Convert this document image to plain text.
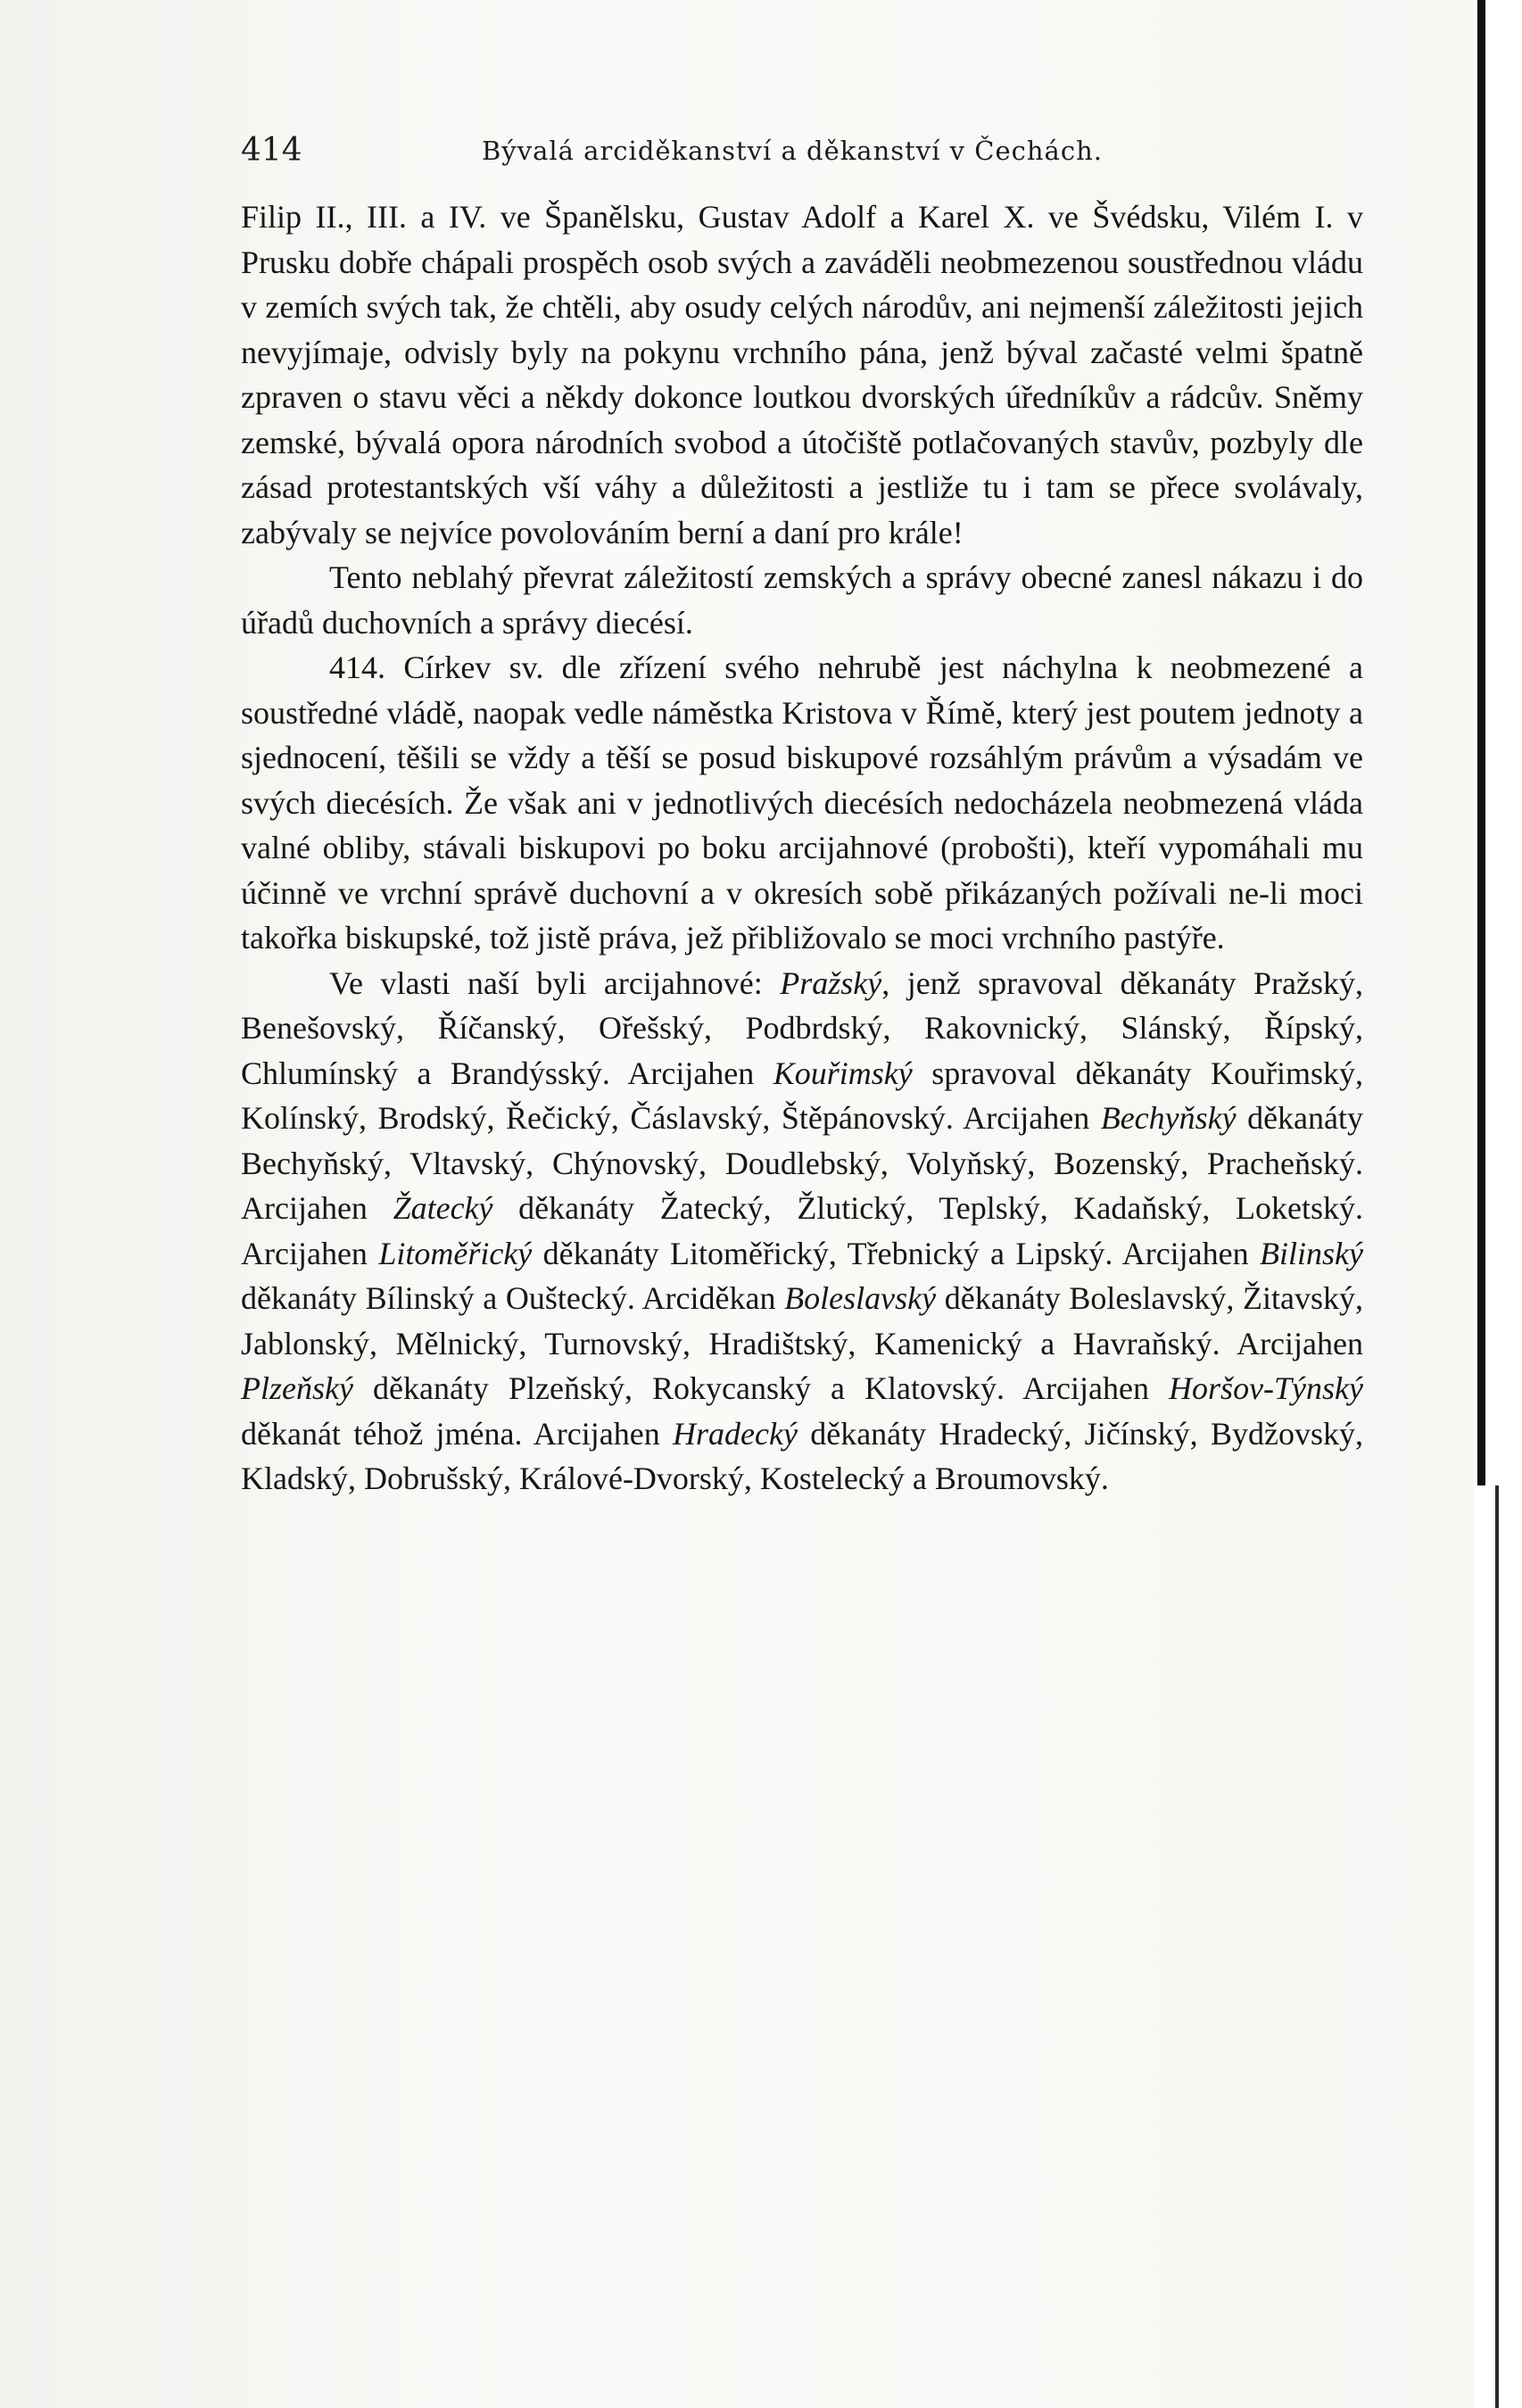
414	Bývalá arciděkanství a děkanství v Čechách.

Filip II., III. a IV. ve Španělsku, Gustav Adolf a Karel X. ve Švédsku, Vilém I. v Prusku dobře chápali prospěch osob svých a zaváděli neobmezenou soustřednou vládu v zemích svých tak, že chtěli, aby osudy celých národův, ani nejmenší záležitosti jejich nevyjímaje, odvisly byly na pokynu vrchního pána, jenž býval začasté velmi špatně zpraven o stavu věci a někdy dokonce loutkou dvorských úředníkův a rádcův. Sněmy zemské, bývalá opora národních svobod a útočiště potlačovaných stavův, pozbyly dle zásad protestantských vší váhy a důležitosti a jestliže tu i tam se přece svolávaly, zabývaly se nejvíce povolováním berní a daní pro krále!

Tento neblahý převrat záležitostí zemských a správy obecné zanesl nákazu i do úřadů duchovních a správy diecésí.

414. Církev sv. dle zřízení svého nehrubě jest náchylna k neobmezené a soustředné vládě, naopak vedle náměstka Kristova v Římě, který jest poutem jednoty a sjednocení, těšili se vždy a těší se posud biskupové rozsáhlým právům a výsadám ve svých diecésích. Že však ani v jednotlivých diecésích nedocházela neobmezená vláda valné obliby, stávali biskupovi po boku arcijahnové (probošti), kteří vypomáhali mu účinně ve vrchní správě duchovní a v okresích sobě přikázaných požívali ne-li moci takořka biskupské, tož jistě práva, jež přibližovalo se moci vrchního pastýře.

Ve vlasti naší byli arcijahnové: Pražský, jenž spravoval děkanáty Pražský, Benešovský, Říčanský, Ořešský, Podbrdský, Rakovnický, Slánský, Řípský, Chlumínský a Brandýsský. Arcijahen Kouřimský spravoval děkanáty Kouřimský, Kolínský, Brodský, Řečický, Čáslavský, Štěpánovský. Arcijahen Bechyňský děkanáty Bechyňský, Vltavský, Chýnovský, Doudlebský, Volyňský, Bozenský, Pracheňský. Arcijahen Žatecký děkanáty Žatecký, Žlutický, Teplský, Kadaňský, Loketský. Arcijahen Litoměřický děkanáty Litoměřický, Třebnický a Lipský. Arcijahen Bilinský děkanáty Bílinský a Ouštecký. Arciděkan Boleslavský děkanáty Boleslavský, Žitavský, Jablonský, Mělnický, Turnovský, Hradištský, Kamenický a Havraňský. Arcijahen Plzeňský děkanáty Plzeňský, Rokycanský a Klatovský. Arcijahen Horšov-Týnský děkanát téhož jména. Arcijahen Hradecký děkanáty Hradecký, Jičínský, Bydžovský, Kladský, Dobrušský, Králové-Dvorský, Kostelecký a Broumovský.
